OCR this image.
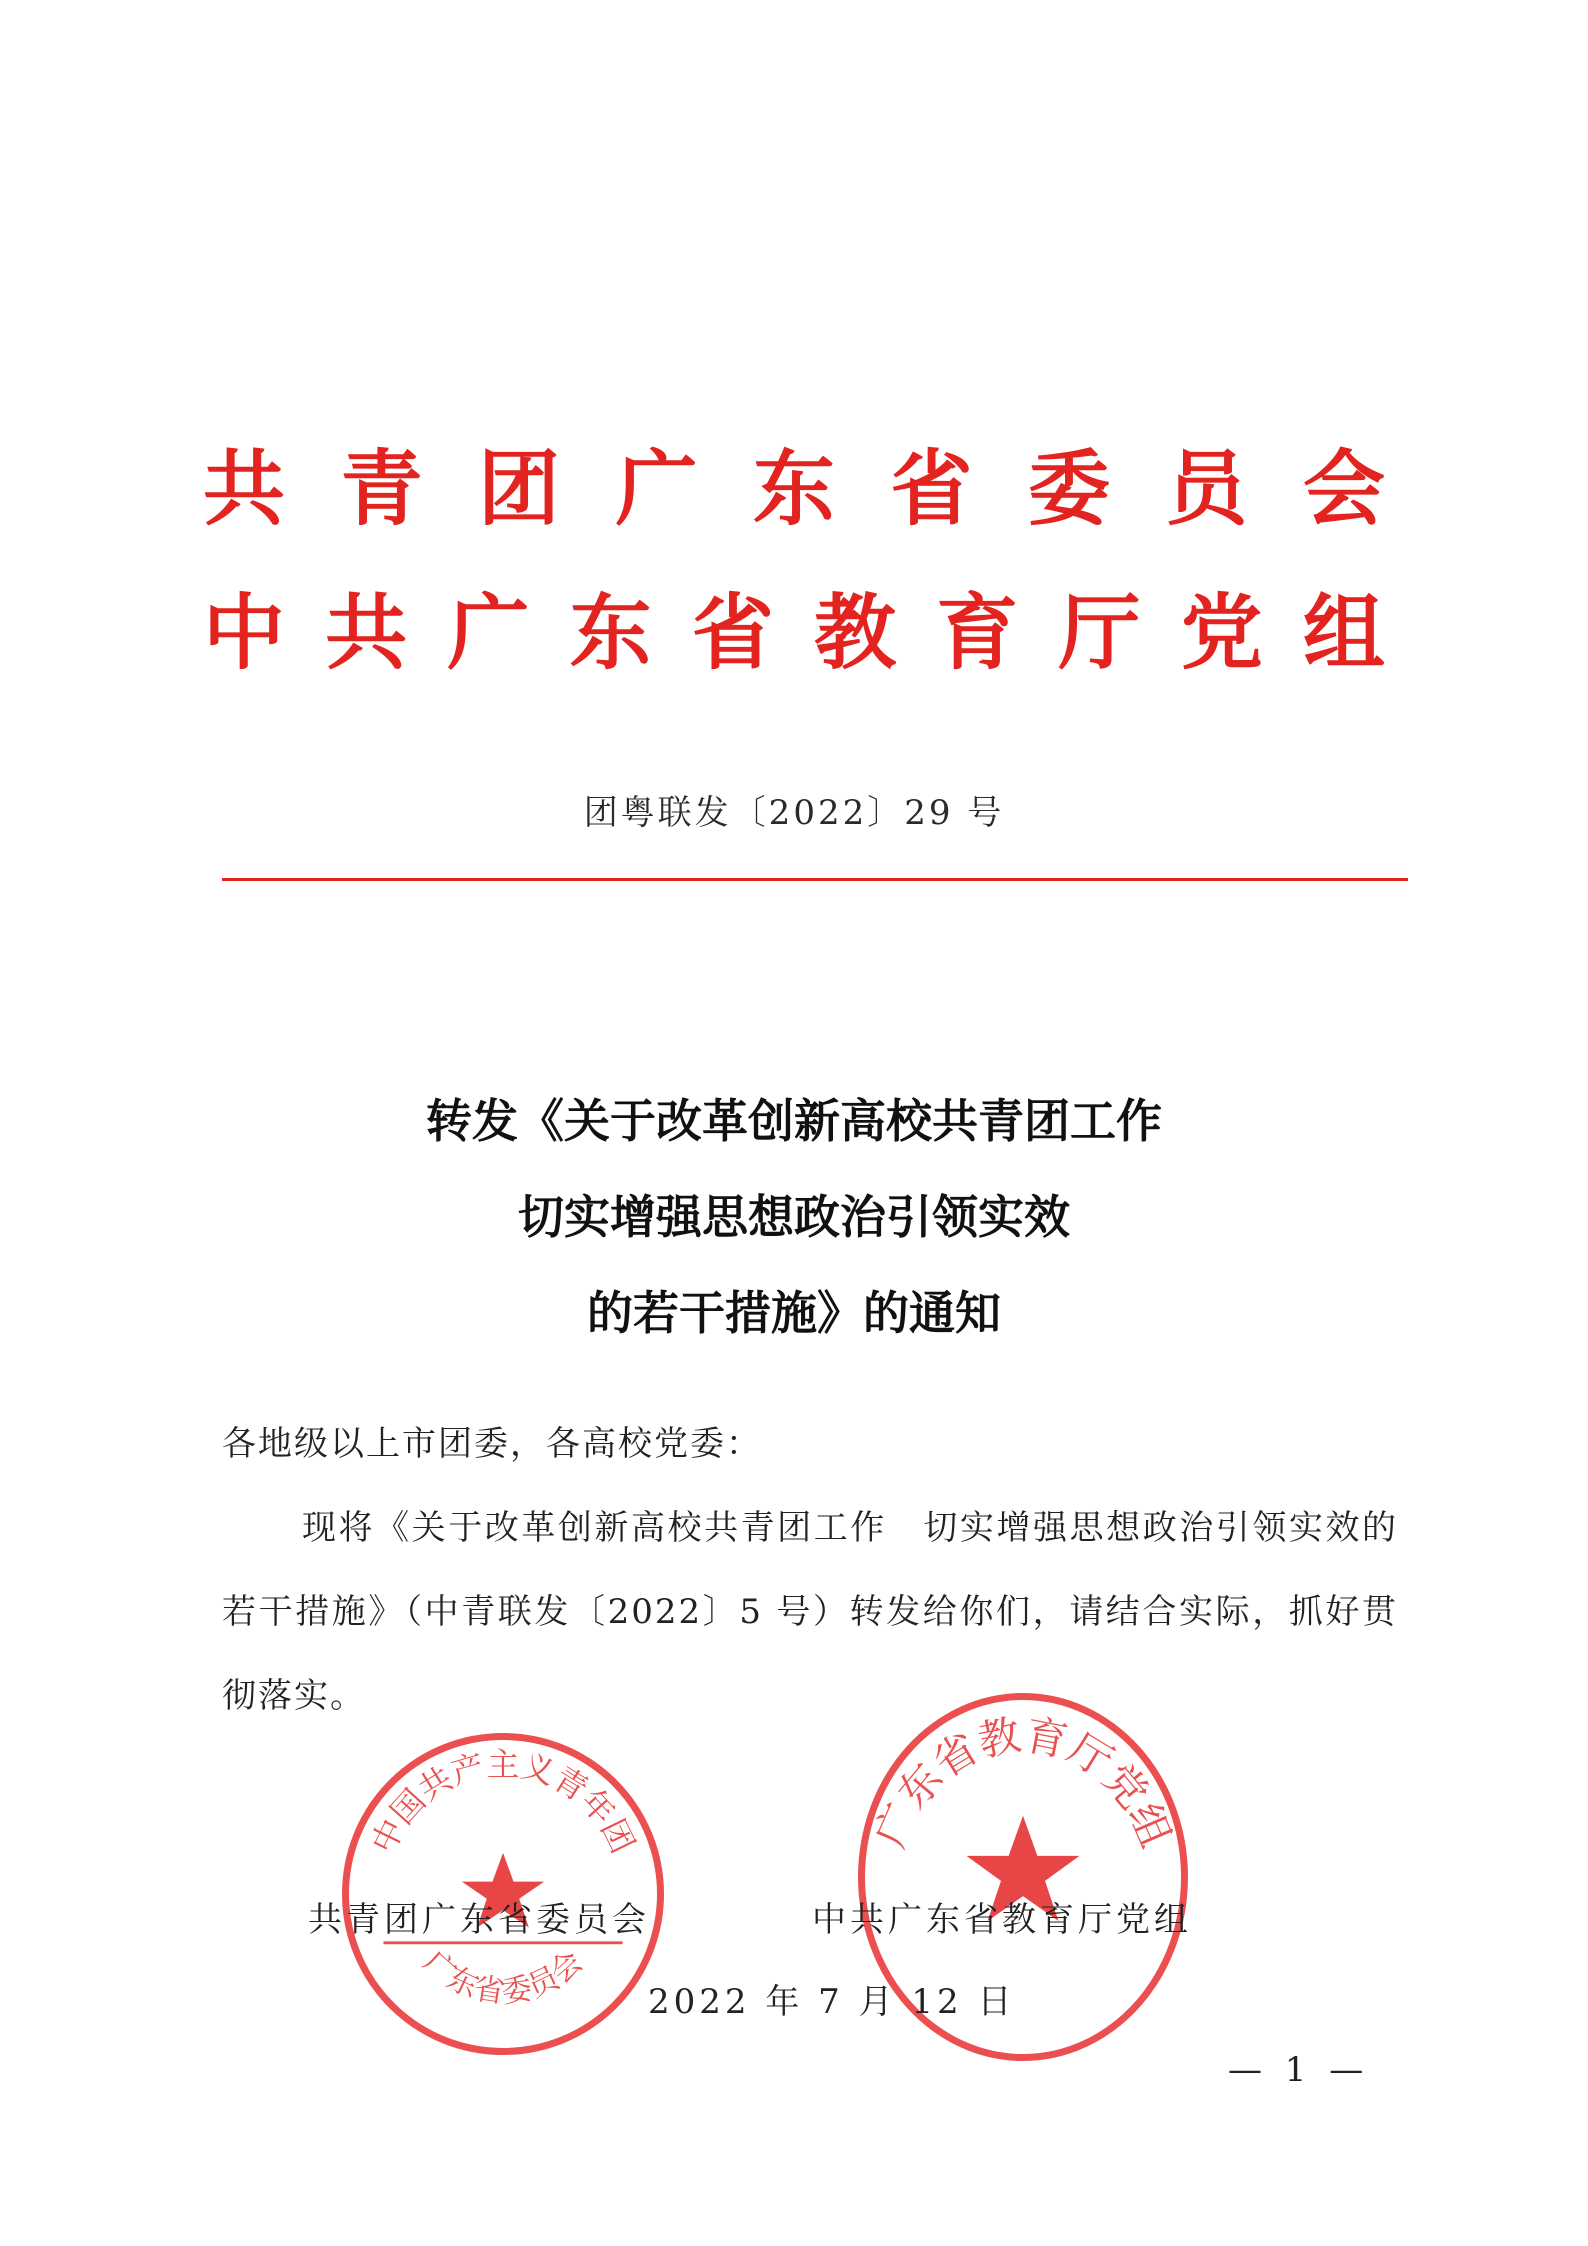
共 青 团 广 东 省 委 员 会
中 共 广 东 省 教 育 厅 党 组
团粤联发〔2022〕29 号
转发《关于改革创新高校共青团工作
切实增强思想政治引领实效
的若干措施》的通知
各地级以上市团委，各高校党委：
现将《关于改革创新高校共青团工作　切实增强思想政治引领实效的若干措施》（中青联发〔2022〕5 号）转发给你们，请结合实际，抓好贯彻落实。
中国共产主义青年团
广东省委员会
广东省教育厅党组
共青团广东省委员会	中共广东省教育厅党组
2022 年 7 月 12 日
— 1 —
